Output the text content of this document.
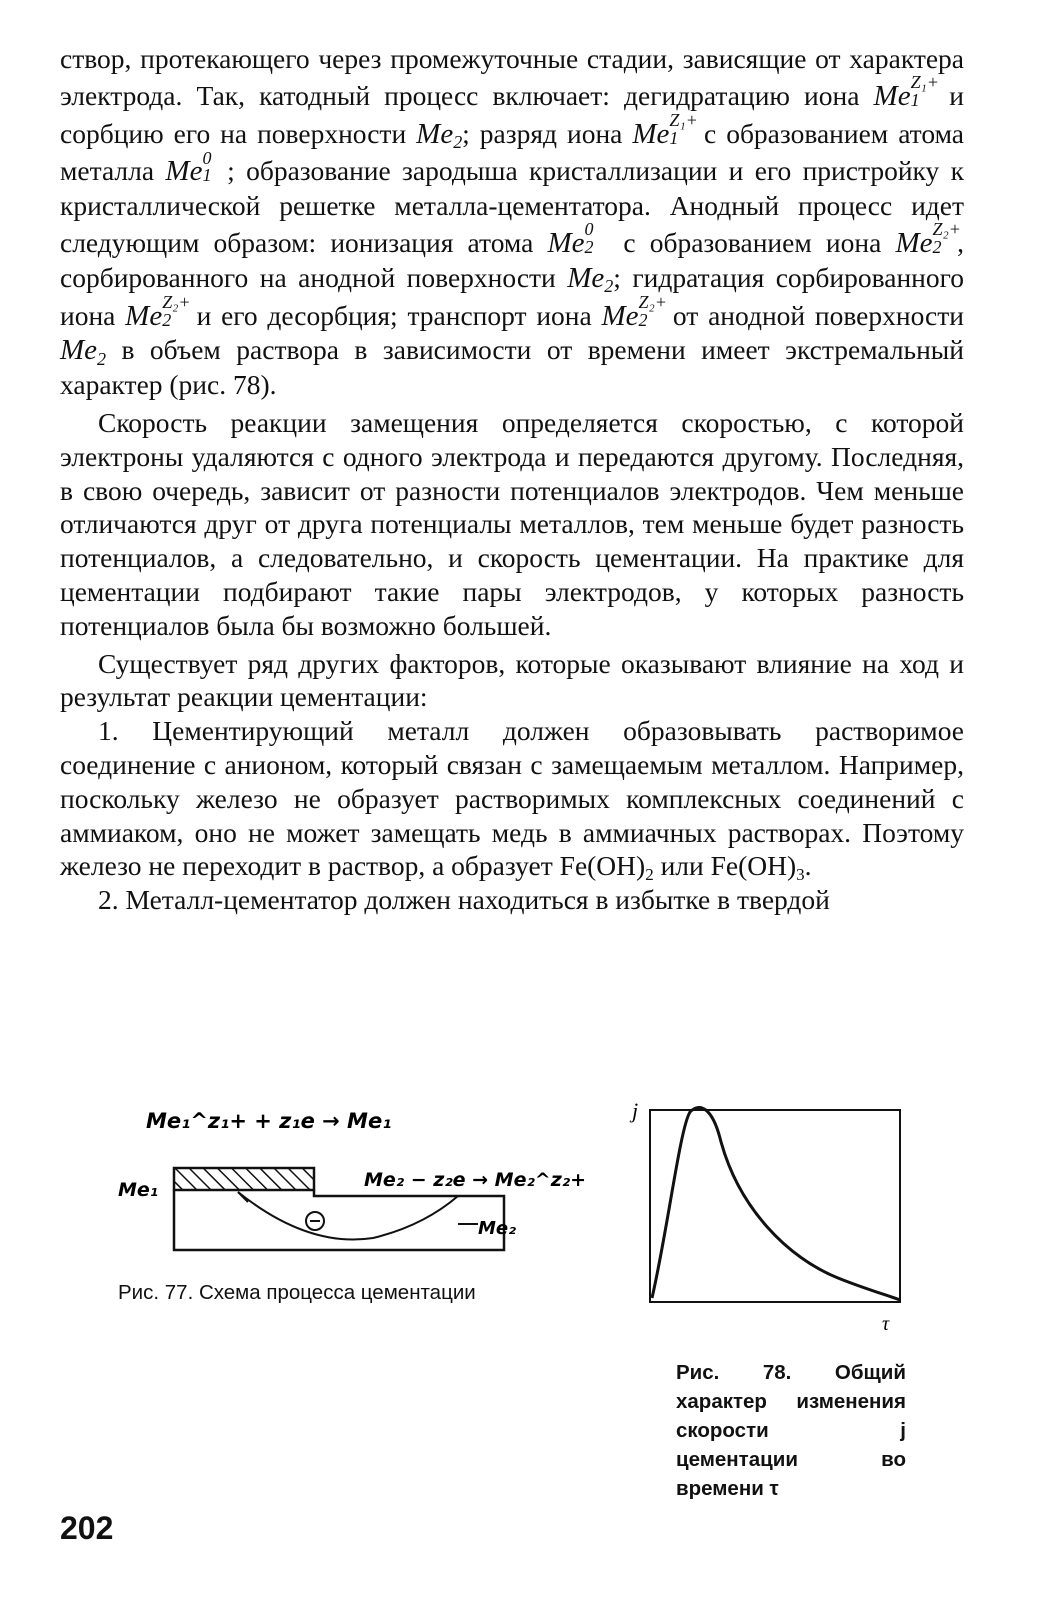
створ, протекающего через промежуточные стадии, зависящие от характера электрода. Так, катодный процесс включает: дегидратацию иона Me Z₁+
1 и сорбцию его на поверхности $Me_2$; разряд иона Me Z₁+
1 с образованием атома металла Me 0
1 ; образование зародыша кристаллизации и его пристройку к кристаллической решетке металла-цементатора. Анодный процесс идет следующим образом: ионизация атома Me 0
2 с образованием иона Me Z₂+
2 , сорбированного на анодной поверхности $Me_2$; гидратация сорбированного иона Me Z₂+
2 и его десорбция; транспорт иона Me Z₂+
2 от анодной поверхности $Me_2$ в объем раствора в зависимости от времени имеет экстремальный характер (рис. 78).

Скорость реакции замещения определяется скоростью, с которой электроны удаляются с одного электрода и передаются другому. Последняя, в свою очередь, зависит от разности потенциалов электродов. Чем меньше отличаются друг от друга потенциалы металлов, тем меньше будет разность потенциалов, а следовательно, и скорость цементации. На практике для цементации подбирают такие пары электродов, у которых разность потенциалов была бы возможно большей.

Существует ряд других факторов, которые оказывают влияние на ход и результат реакции цементации:

1. Цементирующий металл должен образовывать растворимое соединение с анионом, который связан с замещаемым металлом. Например, поскольку железо не образует растворимых комплексных соединений с аммиаком, оно не может замещать медь в аммиачных растворах. Поэтому железо не переходит в раствор, а образует $Fe(OH)_2$ или $Fe(OH)_3$.

2. Металл-цементатор должен находиться в избытке в твердой

Me₁^z₁+ + z₁e → Me₁
Me₂ − z₂e → Me₂^z₂+
Me₁
Me₂
Рис. 77. Схема процесса цементации
j
τ
Рис. 78. Общий характер изменения скорости j цементации во времени τ
202
